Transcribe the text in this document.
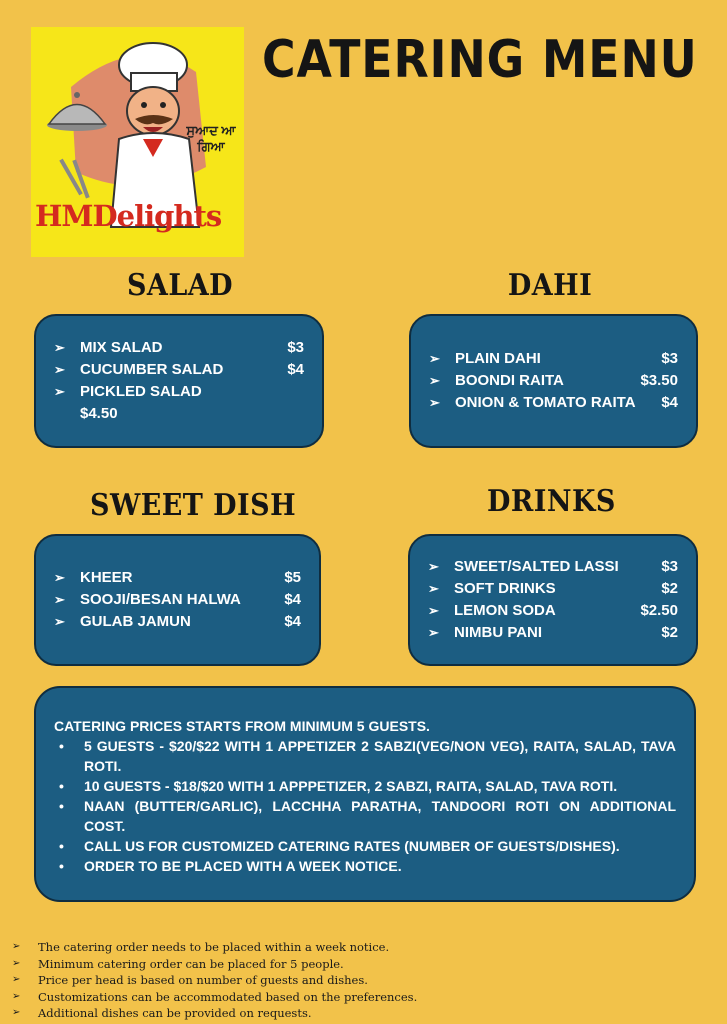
ਸੁਆਦ ਆ ਗਿਆ
HMDelights
CATERING MENU
SALAD	DAHI
SWEET DISH	DRINKS
➢	MIX SALAD	$3
➢	CUCUMBER SALAD	$4
➢	PICKLED SALAD
$4.50
➢	PLAIN DAHI	$3
➢	BOONDI RAITA	$3.50
➢	ONION & TOMATO RAITA	$4
➢	KHEER	$5
➢	SOOJI/BESAN HALWA	$4
➢	GULAB JAMUN	$4
➢	SWEET/SALTED LASSI	$3
➢	SOFT DRINKS	$2
➢	LEMON SODA	$2.50
➢	NIMBU PANI	$2
CATERING PRICES STARTS FROM MINIMUM 5 GUESTS.
•	5 GUESTS - $20/$22 WITH 1 APPETIZER 2 SABZI(VEG/NON VEG), RAITA, SALAD, TAVA ROTI.
•	10 GUESTS - $18/$20 WITH 1 APPPETIZER, 2 SABZI, RAITA, SALAD, TAVA ROTI.
•	NAAN (BUTTER/GARLIC), LACCHHA PARATHA, TANDOORI ROTI ON ADDITIONAL COST.
•	CALL US FOR CUSTOMIZED CATERING RATES (NUMBER OF GUESTS/DISHES).
•	ORDER TO BE PLACED WITH A WEEK NOTICE.
➢	The catering order needs to be placed within a week notice.
➢	Minimum catering order can be placed for 5 people.
➢	Price per head is based on number of guests and dishes.
➢	Customizations can be accommodated based on the preferences.
➢	Additional dishes can be provided on requests.
